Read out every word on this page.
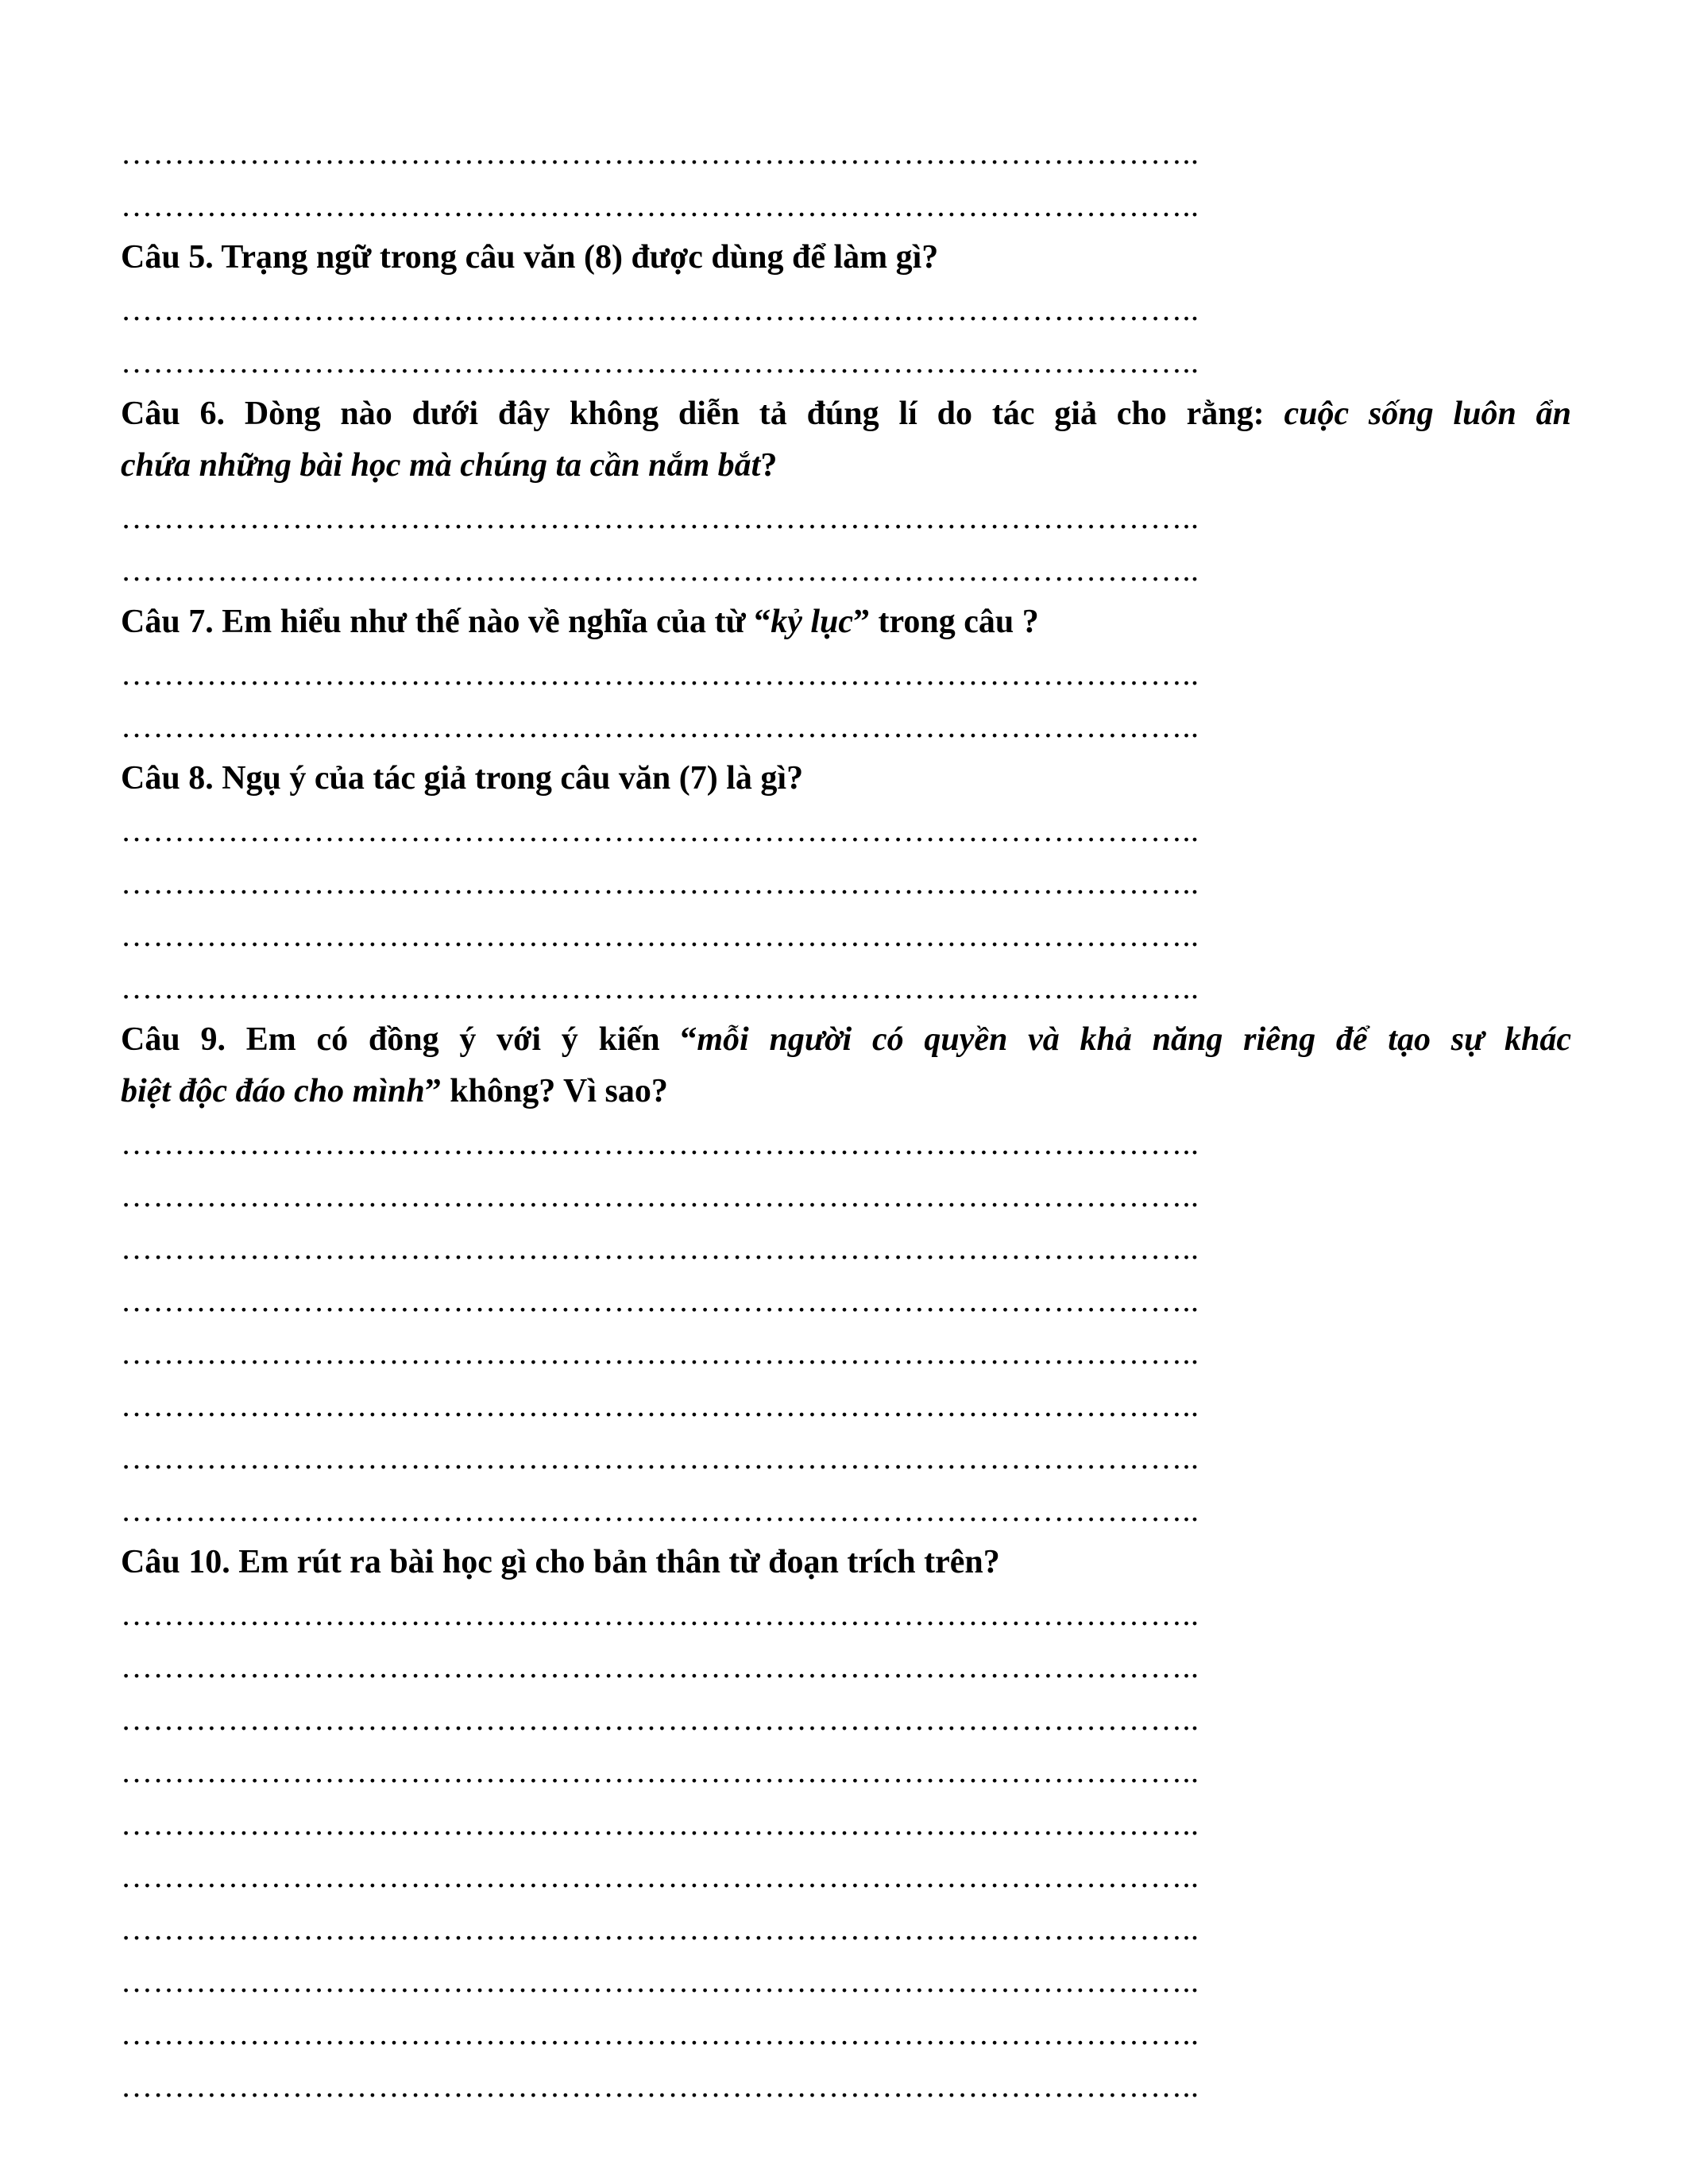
………………………………………………………………………………………..
………………………………………………………………………………………..
Câu 5. Trạng ngữ trong câu văn (8) được dùng để làm gì?
………………………………………………………………………………………..
………………………………………………………………………………………..
Câu 6. Dòng nào dưới đây không diễn tả đúng lí do tác giả cho rằng: cuộc sống luôn ẩn
chứa những bài học mà chúng ta cần nắm bắt?
………………………………………………………………………………………..
………………………………………………………………………………………..
Câu 7. Em hiểu như thế nào về nghĩa của từ “kỷ lục” trong câu ?
………………………………………………………………………………………..
………………………………………………………………………………………..
Câu 8. Ngụ ý của tác giả trong câu văn (7) là gì?
………………………………………………………………………………………..
………………………………………………………………………………………..
………………………………………………………………………………………..
………………………………………………………………………………………..
Câu 9. Em có đồng ý với ý kiến “mỗi người có quyền và khả năng riêng để tạo sự khác
biệt độc đáo cho mình” không? Vì sao?
………………………………………………………………………………………..
………………………………………………………………………………………..
………………………………………………………………………………………..
………………………………………………………………………………………..
………………………………………………………………………………………..
………………………………………………………………………………………..
………………………………………………………………………………………..
………………………………………………………………………………………..
Câu 10. Em rút ra bài học gì cho bản thân từ đoạn trích trên?
………………………………………………………………………………………..
………………………………………………………………………………………..
………………………………………………………………………………………..
………………………………………………………………………………………..
………………………………………………………………………………………..
………………………………………………………………………………………..
………………………………………………………………………………………..
………………………………………………………………………………………..
………………………………………………………………………………………..
………………………………………………………………………………………..
